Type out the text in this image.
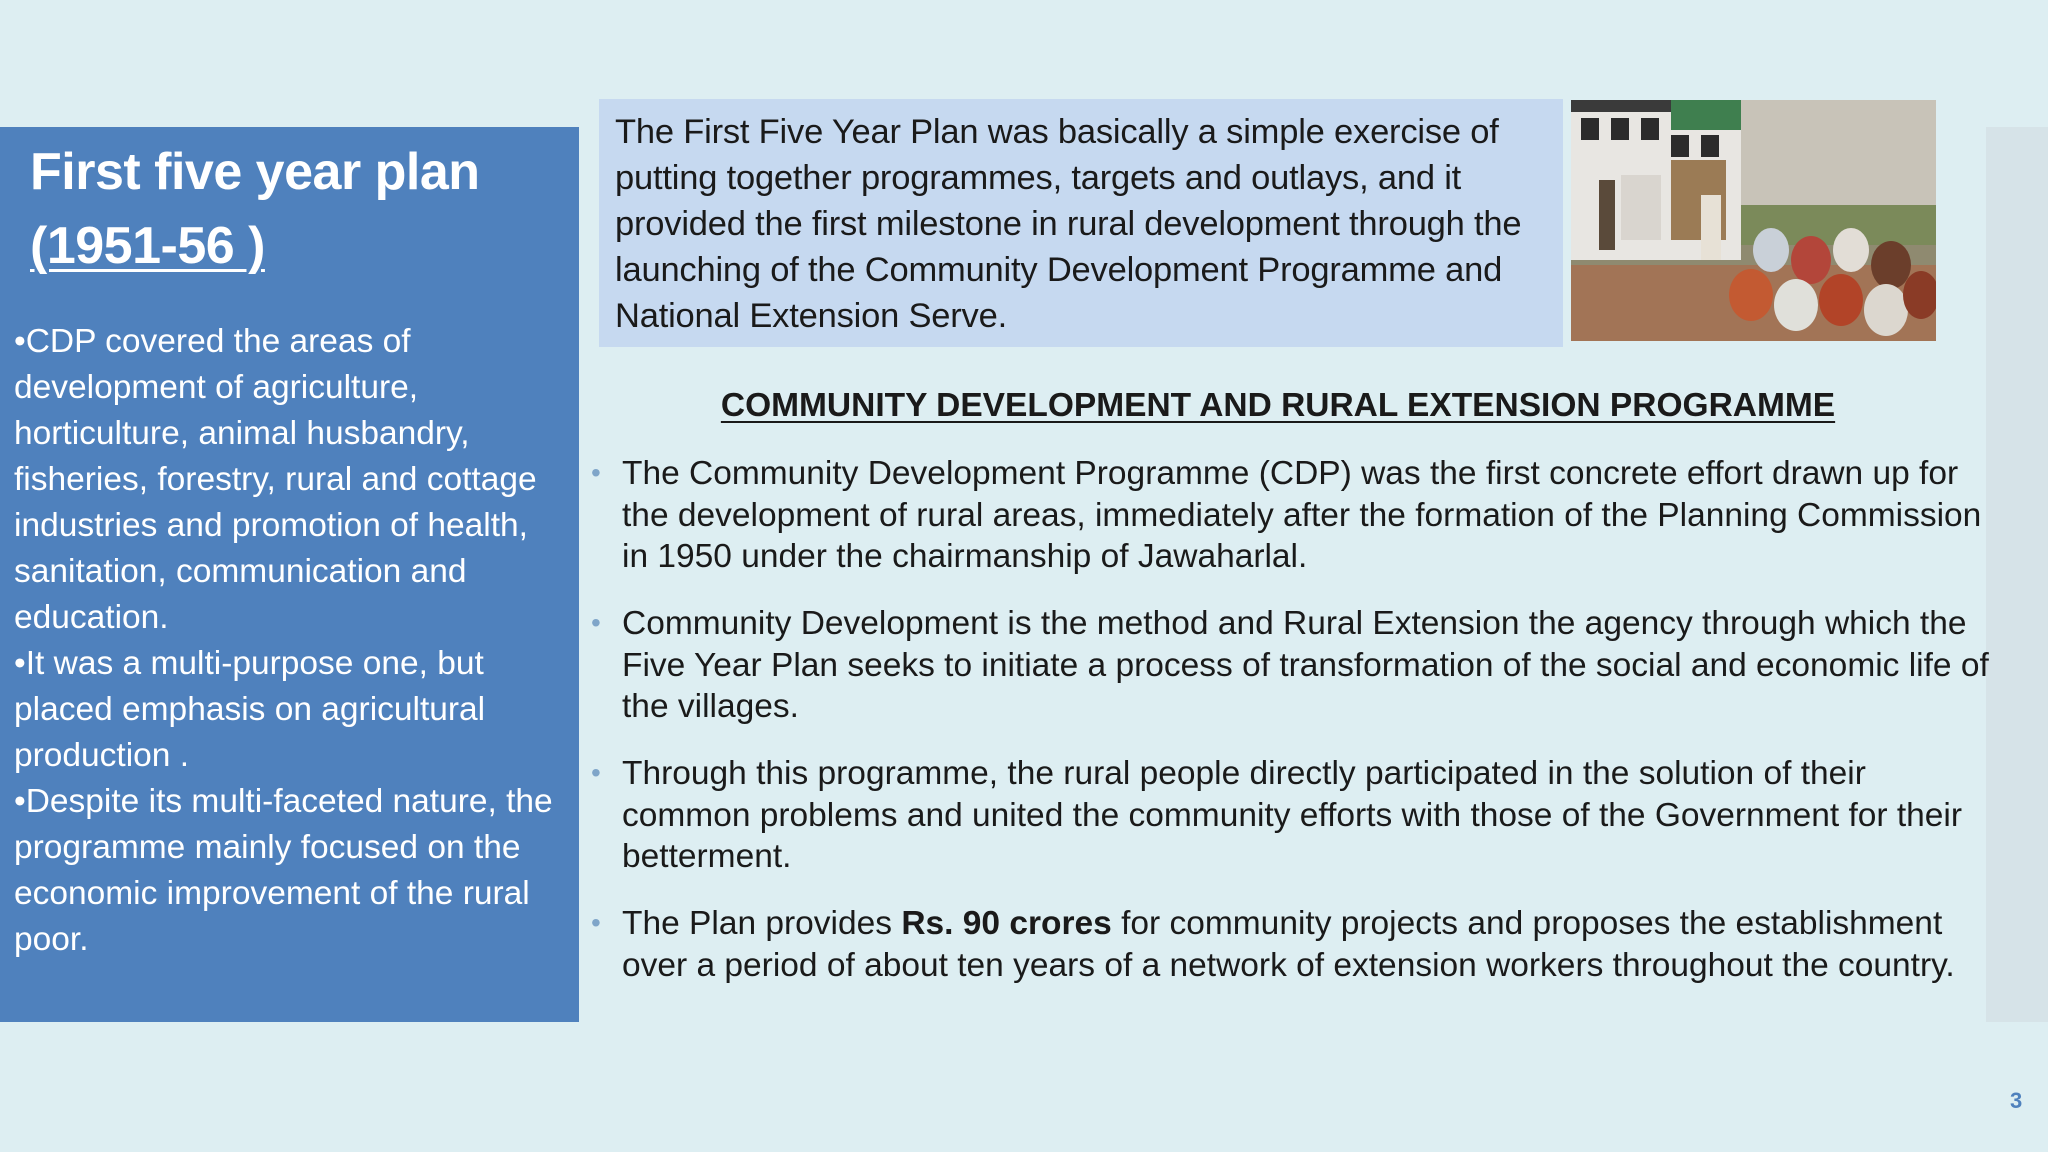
First five year plan
(1951-56 )

•CDP covered the areas of development of agriculture, horticulture, animal husbandry, fisheries, forestry, rural and cottage industries and promotion of health, sanitation, communication and education.

•It was a multi-purpose one, but placed emphasis on agricultural production .

•Despite its multi-faceted nature, the programme mainly focused on the economic improvement of the rural poor.

The First Five Year Plan was basically a simple exercise of putting together programmes, targets and outlays, and it provided the first milestone in rural development through the launching of the Community Development Programme and National Extension Serve.
COMMUNITY DEVELOPMENT AND RURAL EXTENSION PROGRAMME
• The Community Development Programme (CDP) was the first concrete effort drawn up for the development of rural areas, immediately after the formation of the Planning Commission in 1950 under the chairmanship of Jawaharlal.
• Community Development is the method and Rural Extension the agency through which the Five Year Plan seeks to initiate a process of transformation of the social and economic life of the villages.
• Through this programme, the rural people directly participated in the solution of their common problems and united the community efforts with those of the Government for their betterment.
• The Plan provides Rs. 90 crores for community projects and proposes the establishment over a period of about ten years of a network of extension workers throughout the country.
3
